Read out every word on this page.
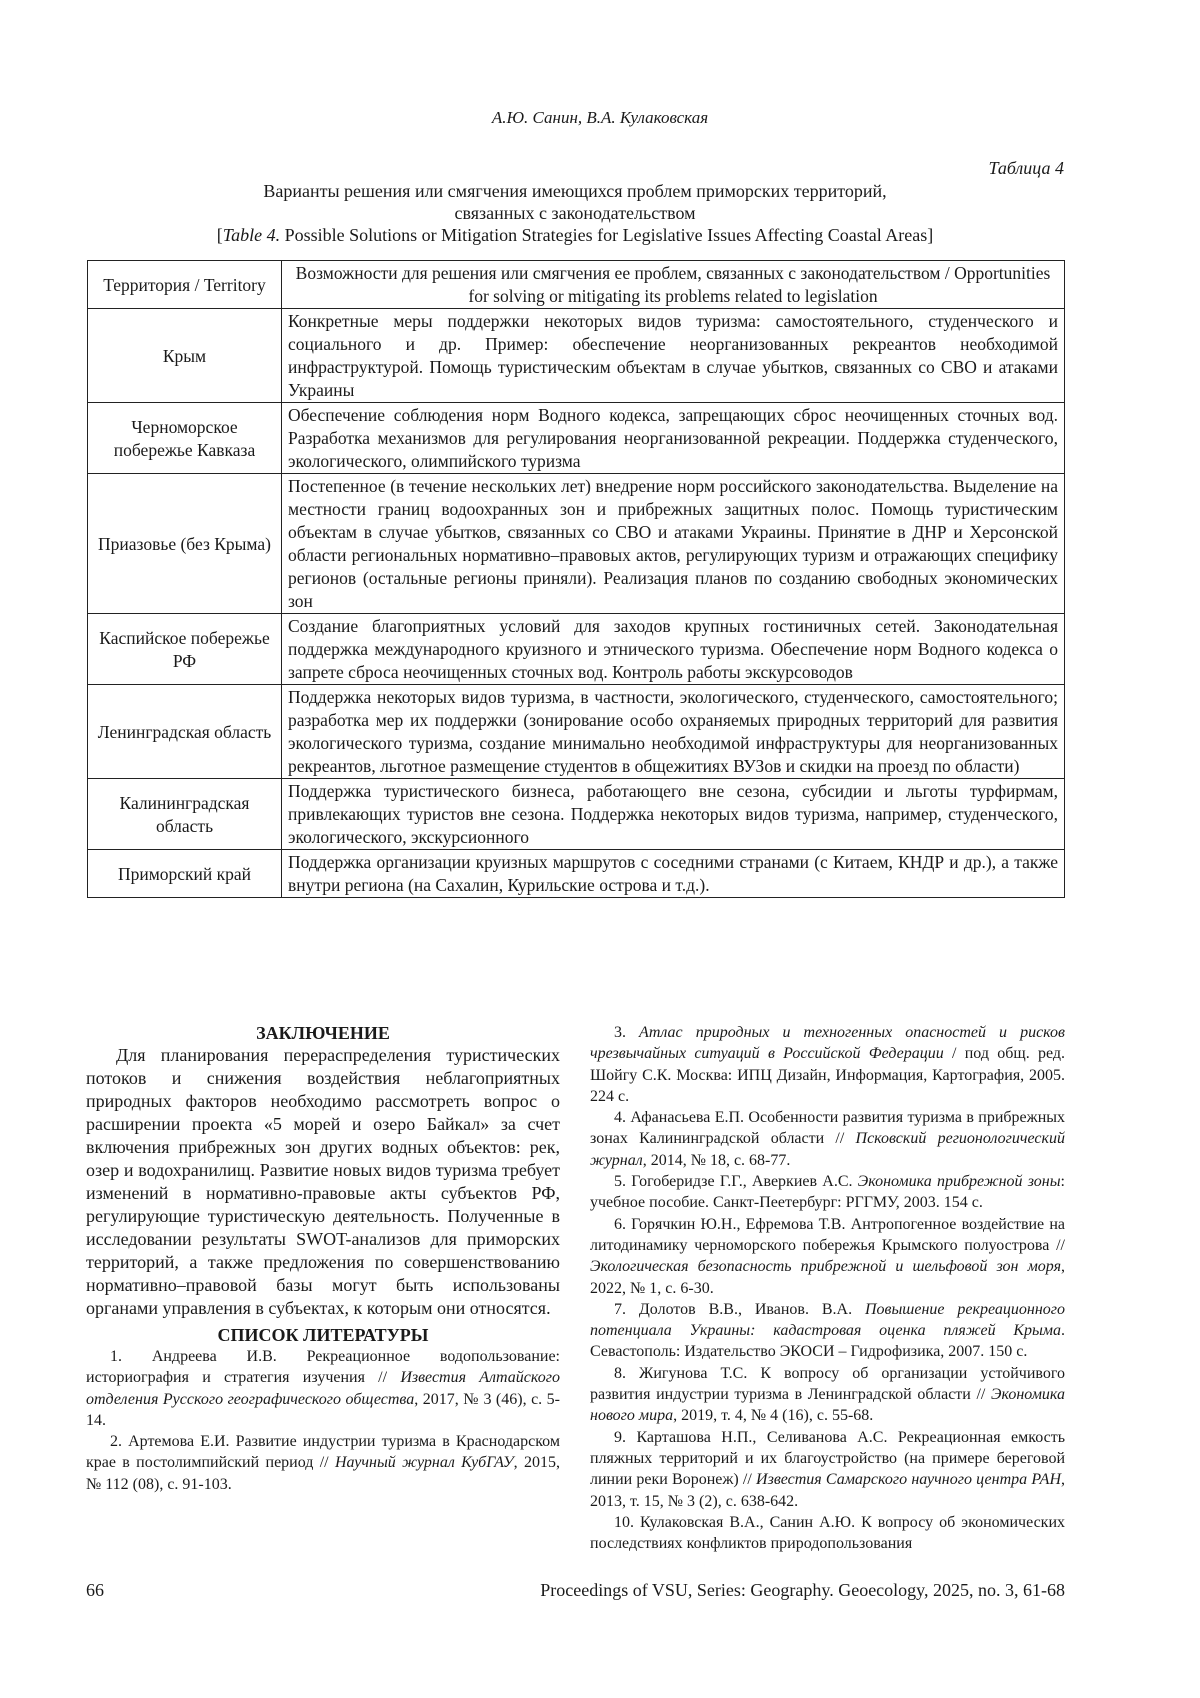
А.Ю. Санин, В.А. Кулаковская
Таблица 4
Варианты решения или смягчения имеющихся проблем приморских территорий,
связанных с законодательством
[Table 4. Possible Solutions or Mitigation Strategies for Legislative Issues Affecting Coastal Areas]
Территория / Territory	Возможности для решения или смягчения ее проблем, связанных с законодательством / Opportunities for solving or mitigating its problems related to legislation
Крым	Конкретные меры поддержки некоторых видов туризма: самостоятельного, студенческого и социального и др. Пример: обеспечение неорганизованных рекреантов необходимой инфраструктурой. Помощь туристическим объектам в случае убытков, связанных со СВО и атаками Украины
Черноморское побережье Кавказа	Обеспечение соблюдения норм Водного кодекса, запрещающих сброс неочищенных сточных вод. Разработка механизмов для регулирования неорганизованной рекреации. Поддержка студенческого, экологического, олимпийского туризма
Приазовье (без Крыма)	Постепенное (в течение нескольких лет) внедрение норм российского законодательства. Выделение на местности границ водоохранных зон и прибрежных защитных полос. Помощь туристическим объектам в случае убытков, связанных со СВО и атаками Украины. Принятие в ДНР и Херсонской области региональных нормативно–правовых актов, регулирующих туризм и отражающих специфику регионов (остальные регионы приняли). Реализация планов по созданию свободных экономических зон
Каспийское побережье РФ	Создание благоприятных условий для заходов крупных гостиничных сетей. Законодательная поддержка международного круизного и этнического туризма. Обеспечение норм Водного кодекса о запрете сброса неочищенных сточных вод. Контроль работы экскурсоводов
Ленинградская область	Поддержка некоторых видов туризма, в частности, экологического, студенческого, самостоятельного; разработка мер их поддержки (зонирование особо охраняемых природных территорий для развития экологического туризма, создание минимально необходимой инфраструктуры для неорганизованных рекреантов, льготное размещение студентов в общежитиях ВУЗов и скидки на проезд по области)
Калининградская область	Поддержка туристического бизнеса, работающего вне сезона, субсидии и льготы турфирмам, привлекающих туристов вне сезона. Поддержка некоторых видов туризма, например, студенческого, экологического, экскурсионного
Приморский край	Поддержка организации круизных маршрутов с соседними странами (с Китаем, КНДР и др.), а также внутри региона (на Сахалин, Курильские острова и т.д.).
ЗАКЛЮЧЕНИЕ

Для планирования перераспределения туристических потоков и снижения воздействия неблагоприятных природных факторов необходимо рассмотреть вопрос о расширении проекта «5 морей и озеро Байкал» за счет включения прибрежных зон других водных объектов: рек, озер и водохранилищ. Развитие новых видов туризма требует изменений в нормативно-правовые акты субъектов РФ, регулирующие туристическую деятельность. Полученные в исследовании результаты SWOT-анализов для приморских территорий, а также предложения по совершенствованию нормативно–правовой базы могут быть использованы органами управления в субъектах, к которым они относятся.

СПИСОК ЛИТЕРАТУРЫ

1. Андреева И.В. Рекреационное водопользование: историография и стратегия изучения // Известия Алтайского отделения Русского географического общества, 2017, № 3 (46), с. 5-14.

2. Артемова Е.И. Развитие индустрии туризма в Краснодарском крае в постолимпийский период // Научный журнал КубГАУ, 2015, № 112 (08), с. 91-103.

3. Атлас природных и техногенных опасностей и рисков чрезвычайных ситуаций в Российской Федерации / под общ. ред. Шойгу С.К. Москва: ИПЦ Дизайн, Информация, Картография, 2005. 224 с.

4. Афанасьева Е.П. Особенности развития туризма в прибрежных зонах Калининградской области // Псковский регионологический журнал, 2014, № 18, с. 68-77.

5. Гогоберидзе Г.Г., Аверкиев А.С. Экономика прибрежной зоны: учебное пособие. Санкт-Пеетербург: РГГМУ, 2003. 154 с.

6. Горячкин Ю.Н., Ефремова Т.В. Антропогенное воздействие на литодинамику черноморского побережья Крымского полуострова // Экологическая безопасность прибрежной и шельфовой зон моря, 2022, № 1, с. 6-30.

7. Долотов В.В., Иванов. В.А. Повышение рекреационного потенциала Украины: кадастровая оценка пляжей Крыма. Севастополь: Издательство ЭКОСИ – Гидрофизика, 2007. 150 с.

8. Жигунова Т.С. К вопросу об организации устойчивого развития индустрии туризма в Ленинградской области // Экономика нового мира, 2019, т. 4, № 4 (16), с. 55-68.

9. Карташова Н.П., Селиванова А.С. Рекреационная емкость пляжных территорий и их благоустройство (на примере береговой линии реки Воронеж) // Известия Самарского научного центра РАН, 2013, т. 15, № 3 (2), с. 638-642.

10. Кулаковская В.А., Санин А.Ю. К вопросу об экономических последствиях конфликтов природопользования

66	Proceedings of VSU, Series: Geography. Geoecology, 2025, no. 3, 61-68
